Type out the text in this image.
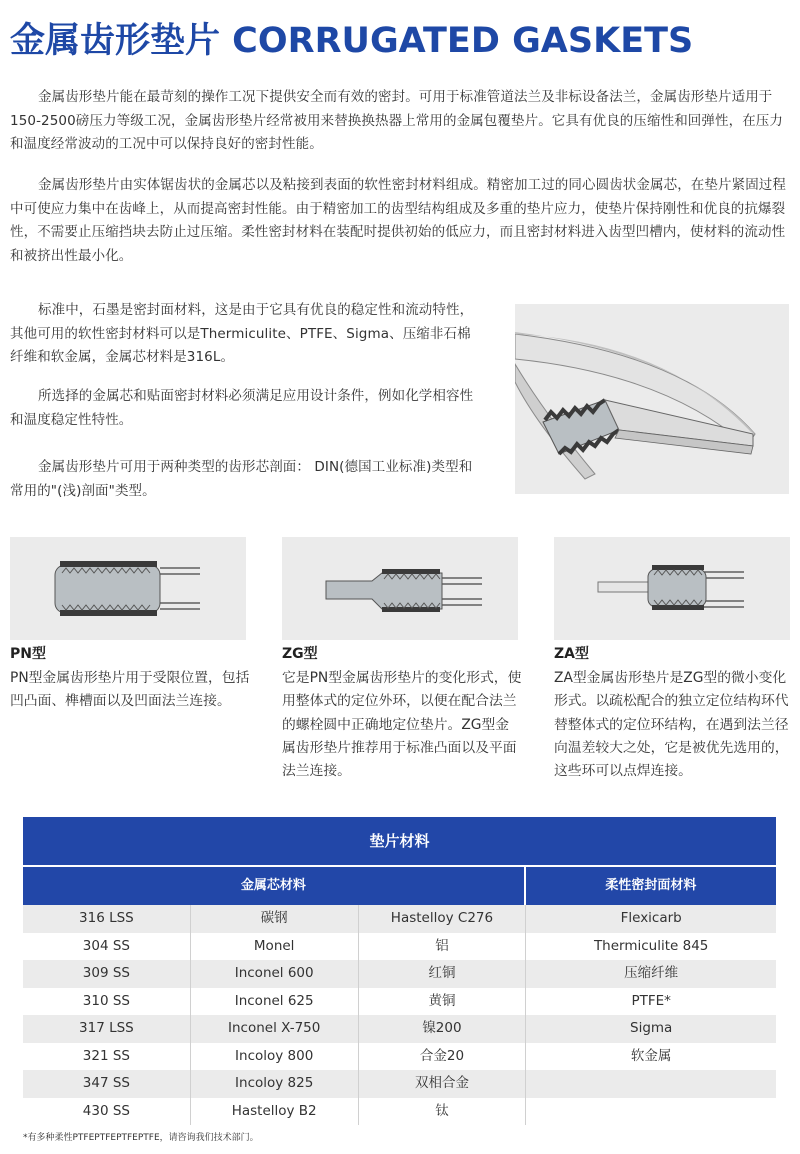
金属齿形垫片 CORRUGATED GASKETS

金属齿形垫片能在最苛刻的操作工况下提供安全而有效的密封。可用于标准管道法兰及非标设备法兰，金属齿形垫片适用于150-2500磅压力等级工况，金属齿形垫片经常被用来替换换热器上常用的金属包覆垫片。它具有优良的压缩性和回弹性，在压力和温度经常波动的工况中可以保持良好的密封性能。

金属齿形垫片由实体锯齿状的金属芯以及粘接到表面的软性密封材料组成。精密加工过的同心圆齿状金属芯，在垫片紧固过程中可使应力集中在齿峰上，从而提高密封性能。由于精密加工的齿型结构组成及多重的垫片应力，使垫片保持刚性和优良的抗爆裂性，不需要止压缩挡块去防止过压缩。柔性密封材料在装配时提供初始的低应力，而且密封材料进入齿型凹槽内，使材料的流动性和被挤出性最小化。

标准中，石墨是密封面材料，这是由于它具有优良的稳定性和流动特性，其他可用的软性密封材料可以是Thermiculite、PTFE、Sigma、压缩非石棉纤维和软金属，金属芯材料是316L。

所选择的金属芯和贴面密封材料必须满足应用设计条件，例如化学相容性和温度稳定性特性。

金属齿形垫片可用于两种类型的齿形芯剖面： DIN(德国工业标准)类型和常用的"(浅)剖面"类型。

PN型

PN型金属齿形垫片用于受限位置，包括凹凸面、榫槽面以及凹面法兰连接。

ZG型

它是PN型金属齿形垫片的变化形式，使用整体式的定位外环，以便在配合法兰的螺栓圆中正确地定位垫片。ZG型金属齿形垫片推荐用于标准凸面以及平面法兰连接。

ZA型

ZA型金属齿形垫片是ZG型的微小变化形式。以疏松配合的独立定位结构环代替整体式的定位环结构，在遇到法兰径向温差较大之处，它是被优先选用的，这些环可以点焊连接。

垫片材料
金属芯材料	柔性密封面材料
316 LSS	碳钢	Hastelloy C276	Flexicarb
304 SS	Monel	铝	Thermiculite 845
309 SS	Inconel 600	红铜	压缩纤维
310 SS	Inconel 625	黄铜	PTFE*
317 LSS	Inconel X-750	镍200	Sigma
321 SS	Incoloy 800	合金20	软金属
347 SS	Incoloy 825	双相合金
430 SS	Hastelloy B2	钛

*有多种柔性PTFEPTFEPTFEPTFE，请咨询我们技术部门。
